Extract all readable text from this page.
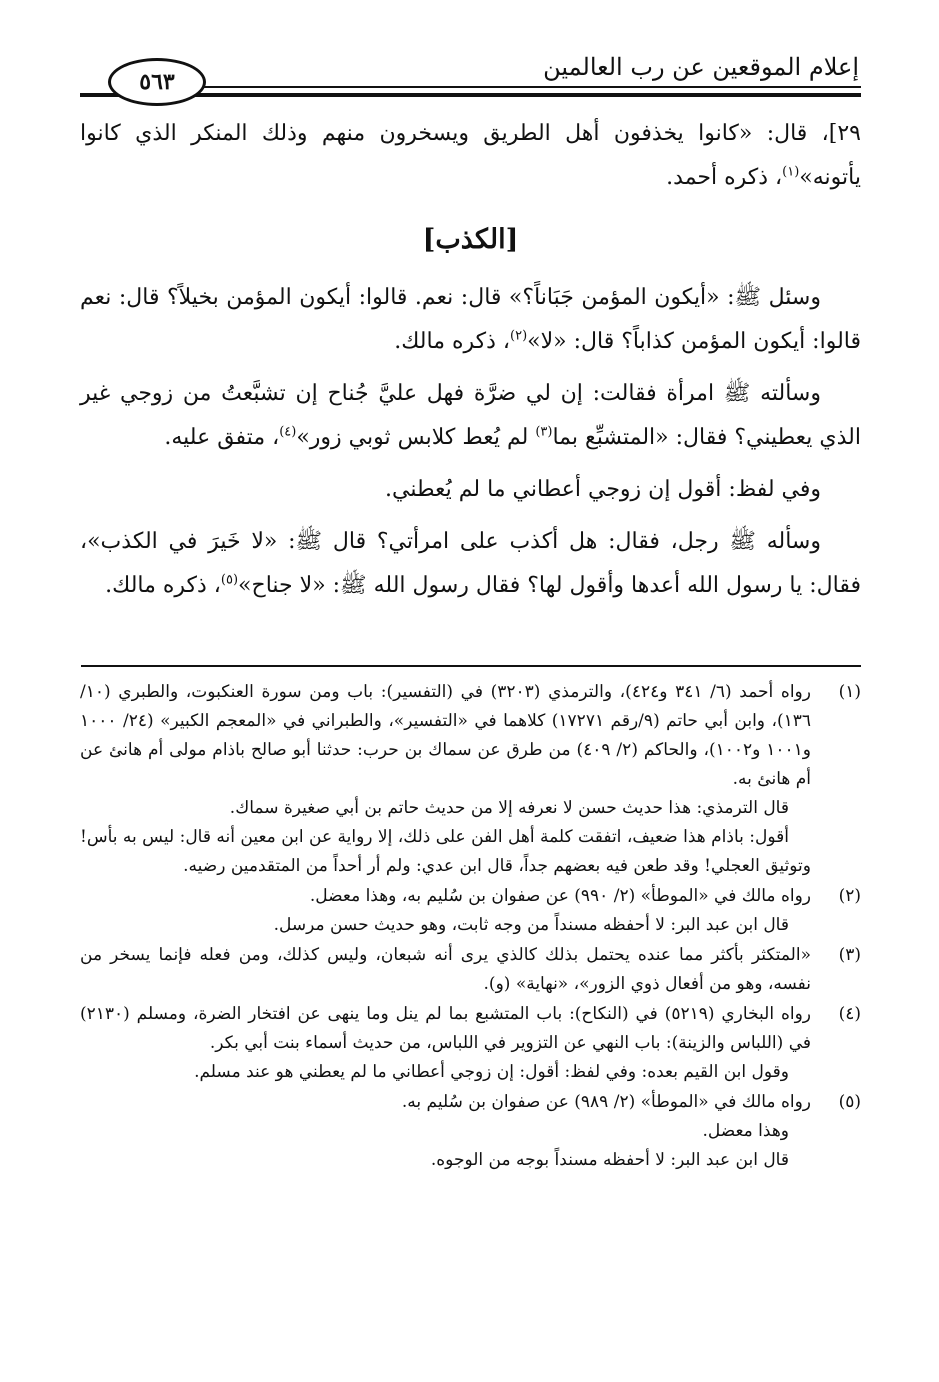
إعلام الموقعين عن رب العالمين
٥٦٣

٢٩]، قال: «كانوا يخذفون أهل الطريق ويسخرون منهم وذلك المنكر الذي كانوا يأتونه»$^{(١)}$، ذكره أحمد.

[الكذب]

وسئل ﷺ: «أيكون المؤمن جَبَاناً؟» قال: نعم. قالوا: أيكون المؤمن بخيلاً؟ قال: نعم قالوا: أيكون المؤمن كذاباً؟ قال: «لا»$^{(٢)}$، ذكره مالك.

وسألته ﷺ امرأة فقالت: إن لي ضرَّة فهل عليَّ جُناح إن تشبَّعتُ من زوجي غير الذي يعطيني؟ فقال: «المتشبِّع بما$^{(٣)}$ لم يُعط كلابس ثوبي زور»$^{(٤)}$، متفق عليه.

وفي لفظ: أقول إن زوجي أعطاني ما لم يُعطني.

وسأله ﷺ رجل، فقال: هل أكذب على امرأتي؟ قال ﷺ: «لا خَيرَ في الكذب»، فقال: يا رسول الله أعدها وأقول لها؟ فقال رسول الله ﷺ: «لا جناح»$^{(٥)}$، ذكره مالك.

(١)

رواه أحمد (٦/ ٣٤١ و٤٢٤)، والترمذي (٣٢٠٣) في (التفسير): باب ومن سورة العنكبوت، والطبري (١٠/ ١٣٦)، وابن أبي حاتم (٩/رقم ١٧٢٧١) كلاهما في «التفسير»، والطبراني في «المعجم الكبير» (٢٤/ ١٠٠٠ و١٠٠١ و١٠٠٢)، والحاكم (٢/ ٤٠٩) من طرق عن سماك بن حرب: حدثنا أبو صالح باذام مولى أم هانئ عن أم هانئ به.

قال الترمذي: هذا حديث حسن لا نعرفه إلا من حديث حاتم بن أبي صغيرة سماك.

أقول: باذام هذا ضعيف، اتفقت كلمة أهل الفن على ذلك، إلا رواية عن ابن معين أنه قال: ليس به بأس! وتوثيق العجلي! وقد طعن فيه بعضهم جداً، قال ابن عدي: ولم أر أحداً من المتقدمين رضيه.

(٢)

رواه مالك في «الموطأ» (٢/ ٩٩٠) عن صفوان بن سُليم به، وهذا معضل.

قال ابن عبد البر: لا أحفظه مسنداً من وجه ثابت، وهو حديث حسن مرسل.

(٣)

«المتكثر بأكثر مما عنده يحتمل بذلك كالذي يرى أنه شبعان، وليس كذلك، ومن فعله فإنما يسخر من نفسه، وهو من أفعال ذوي الزور»، «نهاية» (و).

(٤)

رواه البخاري (٥٢١٩) في (النكاح): باب المتشبع بما لم ينل وما ينهى عن افتخار الضرة، ومسلم (٢١٣٠) في (اللباس والزينة): باب النهي عن التزوير في اللباس، من حديث أسماء بنت أبي بكر.

وقول ابن القيم بعده: وفي لفظ: أقول: إن زوجي أعطاني ما لم يعطني هو عند مسلم.

(٥)

رواه مالك في «الموطأ» (٢/ ٩٨٩) عن صفوان بن سُليم به.

وهذا معضل.

قال ابن عبد البر: لا أحفظه مسنداً بوجه من الوجوه.
